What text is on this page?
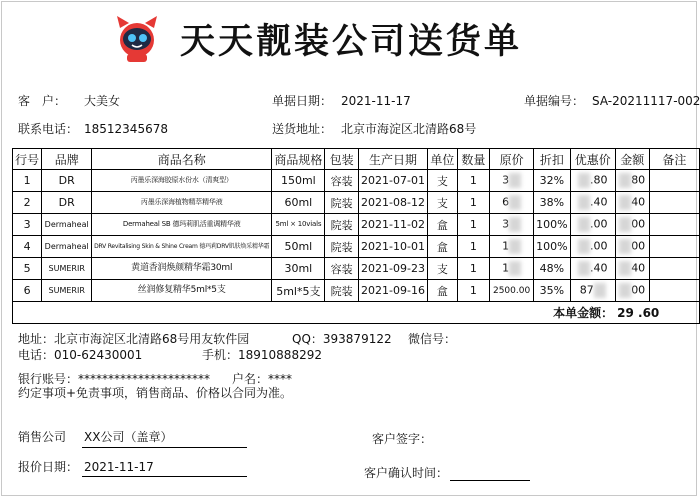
天天靓装公司送货单
客　户： 大美女	单据日期： 2021-11-17	单据编号： SA-20211117-002
联系电话： 18512345678	送货地址： 北京市海淀区北清路68号
行号	品牌	商品名称	商品规格	包装	生产日期	单位	数量	原价	折扣	优惠价	金额	备注
1	DR	丙墨乐深海胶原水份水（清爽型）	150ml	容装	2021-07-01	支	1	3	32%	.80	80	
2	DR	丙墨乐深海植物精萃精华液	60ml	院装	2021-08-12	支	1	6	38%	.40	40	
3	Dermaheal	Dermaheal SB 德玛莉肌活重调精华液	5ml × 10vials	院装	2021-11-02	盒	1	3	100%	.00	00	
4	Dermaheal	DRV Revitalising Skin & Shine Cream 德玛莉DRV肌肤焕采精华霜	50ml	院装	2021-10-01	盒	1	1	100%	.00	00	
5	SUMERIR	黄道香润焕颜精华霜30ml	30ml	容装	2021-09-23	支	1	1	48%	.40	40	
6	SUMERIR	丝润修复精华5ml*5支	5ml*5支	院装	2021-09-16	盒	1	2500.00	35%	87	00	
									本单金额：		29 .60	
地址：北京市海淀区北清路68号用友软件园	QQ：393879122 微信号：
电话：010-62430001	手机：18910888292
银行账号：********************** 户名：****
约定事项+免责事项，销售商品、价格以合同为准。
销售公司 XX公司（盖章）	客户签字：
报价日期： 2021-11-17	客户确认时间：
